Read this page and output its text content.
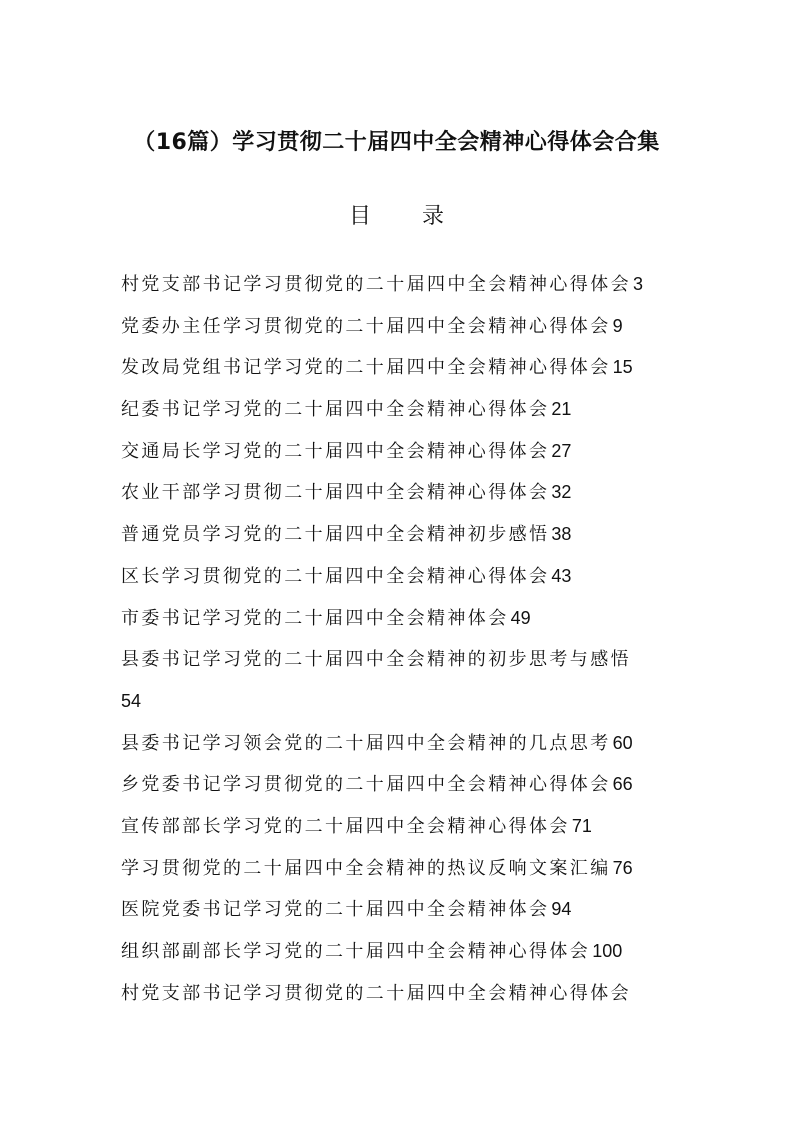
（16篇）学习贯彻二十届四中全会精神心得体会合集
目 录
村党支部书记学习贯彻党的二十届四中全会精神心得体会 3
党委办主任学习贯彻党的二十届四中全会精神心得体会 9
发改局党组书记学习党的二十届四中全会精神心得体会 15
纪委书记学习党的二十届四中全会精神心得体会 21
交通局长学习党的二十届四中全会精神心得体会 27
农业干部学习贯彻二十届四中全会精神心得体会 32
普通党员学习党的二十届四中全会精神初步感悟 38
区长学习贯彻党的二十届四中全会精神心得体会 43
市委书记学习党的二十届四中全会精神体会 49
县委书记学习党的二十届四中全会精神的初步思考与感悟
54
县委书记学习领会党的二十届四中全会精神的几点思考 60
乡党委书记学习贯彻党的二十届四中全会精神心得体会 66
宣传部部长学习党的二十届四中全会精神心得体会 71
学习贯彻党的二十届四中全会精神的热议反响文案汇编 76
医院党委书记学习党的二十届四中全会精神体会 94
组织部副部长学习党的二十届四中全会精神心得体会 100
村党支部书记学习贯彻党的二十届四中全会精神心得体会
